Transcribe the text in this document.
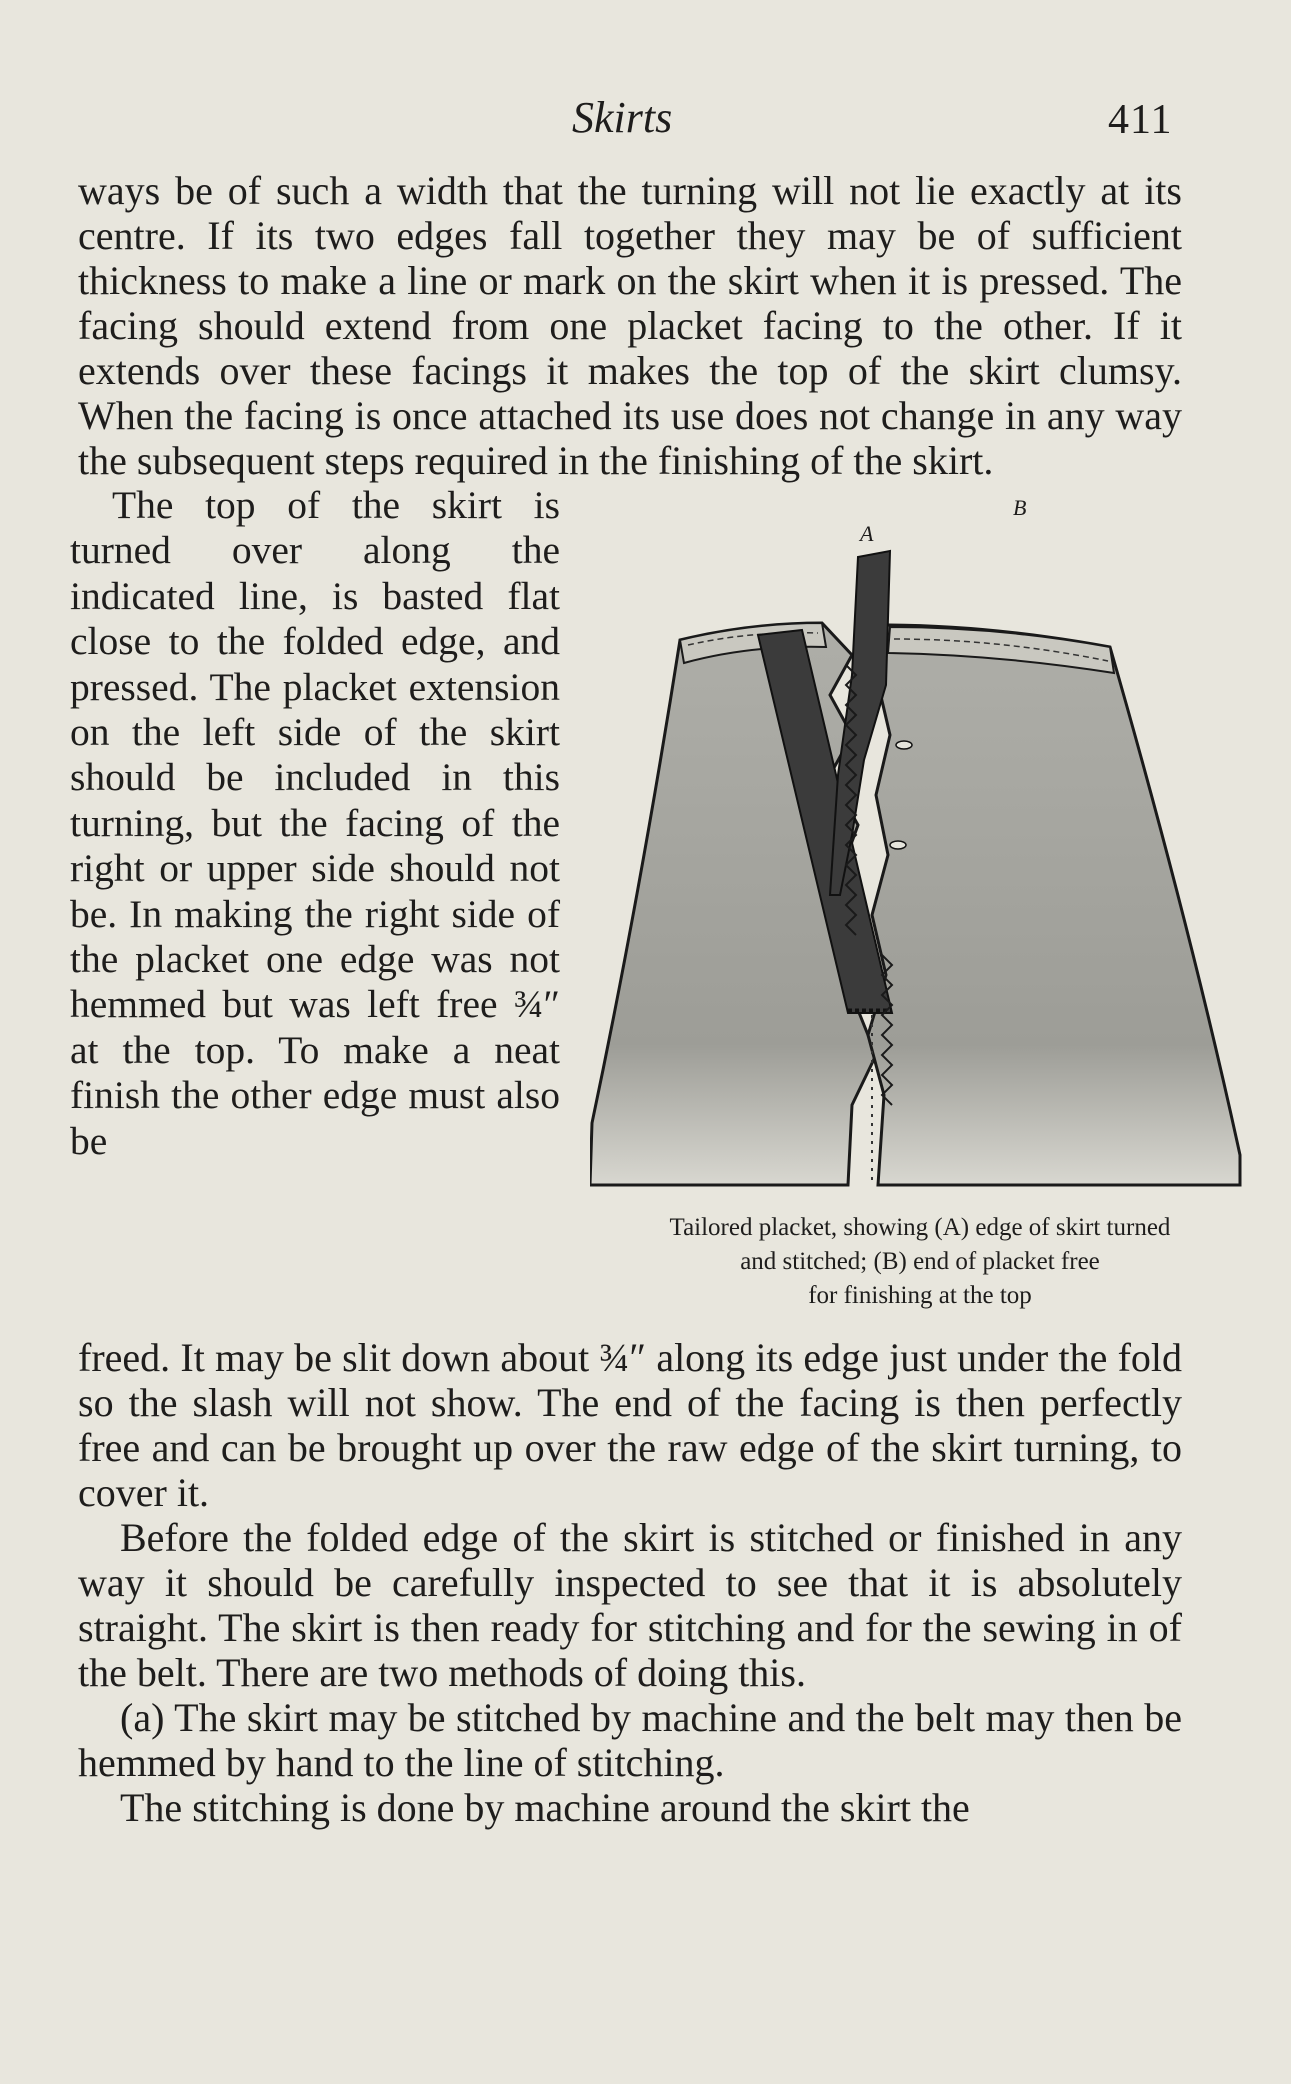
Skirts	411

ways be of such a width that the turning will not lie exactly at its centre. If its two edges fall together they may be of sufficient thickness to make a line or mark on the skirt when it is pressed. The facing should extend from one placket facing to the other. If it extends over these facings it makes the top of the skirt clumsy. When the facing is once attached its use does not change in any way the subsequent steps required in the finishing of the skirt.

The top of the skirt is turned over along the indicated line, is basted flat close to the folded edge, and pressed. The placket extension on the left side of the skirt should be included in this turning, but the facing of the right or upper side should not be. In making the right side of the placket one edge was not hemmed but was left free ¾″ at the top. To make a neat finish the other edge must also be
A
B
Tailored placket, showing (A) edge of skirt turned
and stitched; (B) end of placket free
for finishing at the top

freed. It may be slit down about ¾″ along its edge just under the fold so the slash will not show. The end of the facing is then perfectly free and can be brought up over the raw edge of the skirt turning, to cover it.

Before the folded edge of the skirt is stitched or finished in any way it should be carefully inspected to see that it is absolutely straight. The skirt is then ready for stitching and for the sewing in of the belt. There are two methods of doing this.

(a) The skirt may be stitched by machine and the belt may then be hemmed by hand to the line of stitching.

The stitching is done by machine around the skirt the
